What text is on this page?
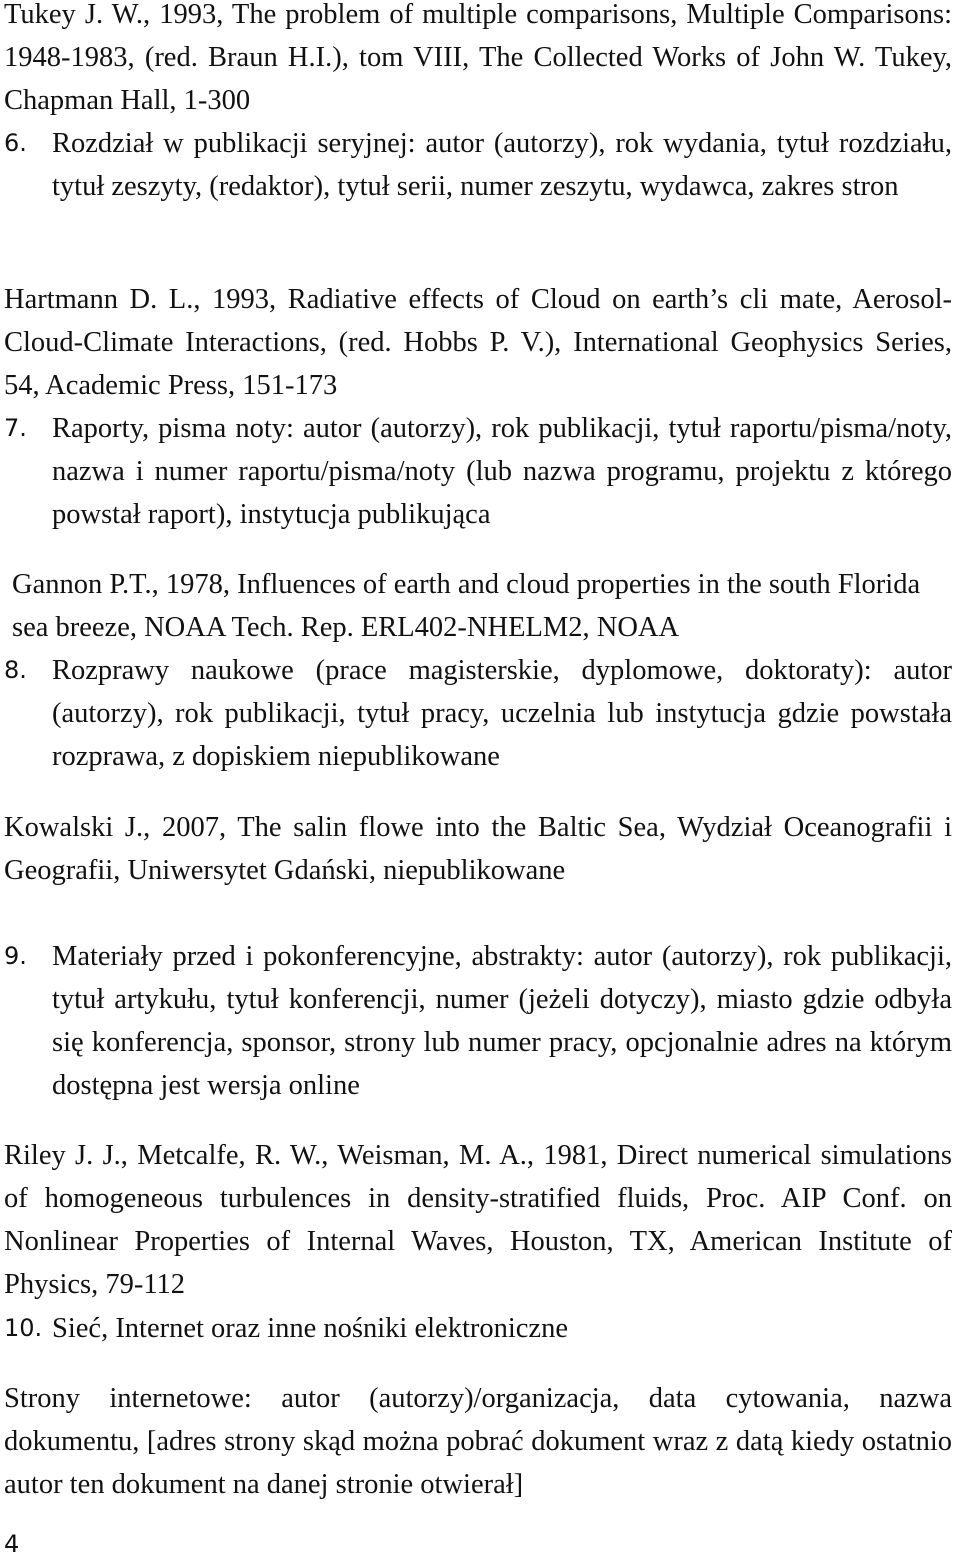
Tukey J. W., 1993, The problem of multiple comparisons, Multiple Comparisons: 1948-1983, (red. Braun H.I.), tom VIII, The Collected Works of John W. Tukey, Chapman Hall, 1-300

6. Rozdział w publikacji seryjnej: autor (autorzy), rok wydania, tytuł rozdziału, tytuł zeszyty, (redaktor), tytuł serii, numer zeszytu, wydawca, zakres stron

Hartmann D. L., 1993, Radiative effects of Cloud on earth’s cli mate, Aerosol-Cloud-Climate Interactions, (red. Hobbs P. V.), International Geophysics Series, 54, Academic Press, 151-173

7. Raporty, pisma noty: autor (autorzy), rok publikacji, tytuł raportu/pisma/noty, nazwa i numer raportu/pisma/noty (lub nazwa programu, projektu z którego powstał raport), instytucja publikująca

Gannon P.T., 1978, Influences of earth and cloud properties in the south Florida sea breeze, NOAA Tech. Rep. ERL402-NHELM2, NOAA

8. Rozprawy naukowe (prace magisterskie, dyplomowe, doktoraty): autor (autorzy), rok publikacji, tytuł pracy, uczelnia lub instytucja gdzie powstała rozprawa, z dopiskiem niepublikowane

Kowalski J., 2007, The salin flowe into the Baltic Sea, Wydział Oceanografii i Geografii, Uniwersytet Gdański, niepublikowane

9. Materiały przed i pokonferencyjne, abstrakty: autor (autorzy), rok publikacji, tytuł artykułu, tytuł konferencji, numer (jeżeli dotyczy), miasto gdzie odbyła się konferencja, sponsor, strony lub numer pracy, opcjonalnie adres na którym dostępna jest wersja online

Riley J. J., Metcalfe, R. W., Weisman, M. A., 1981, Direct numerical simulations of homogeneous turbulences in density-stratified fluids, Proc. AIP Conf. on Nonlinear Properties of Internal Waves, Houston, TX, American Institute of Physics, 79-112

10. Sieć, Internet oraz inne nośniki elektroniczne

Strony internetowe: autor (autorzy)/organizacja, data cytowania, nazwa dokumentu, [adres strony skąd można pobrać dokument wraz z datą kiedy ostatnio autor ten dokument na danej stronie otwierał]

4
